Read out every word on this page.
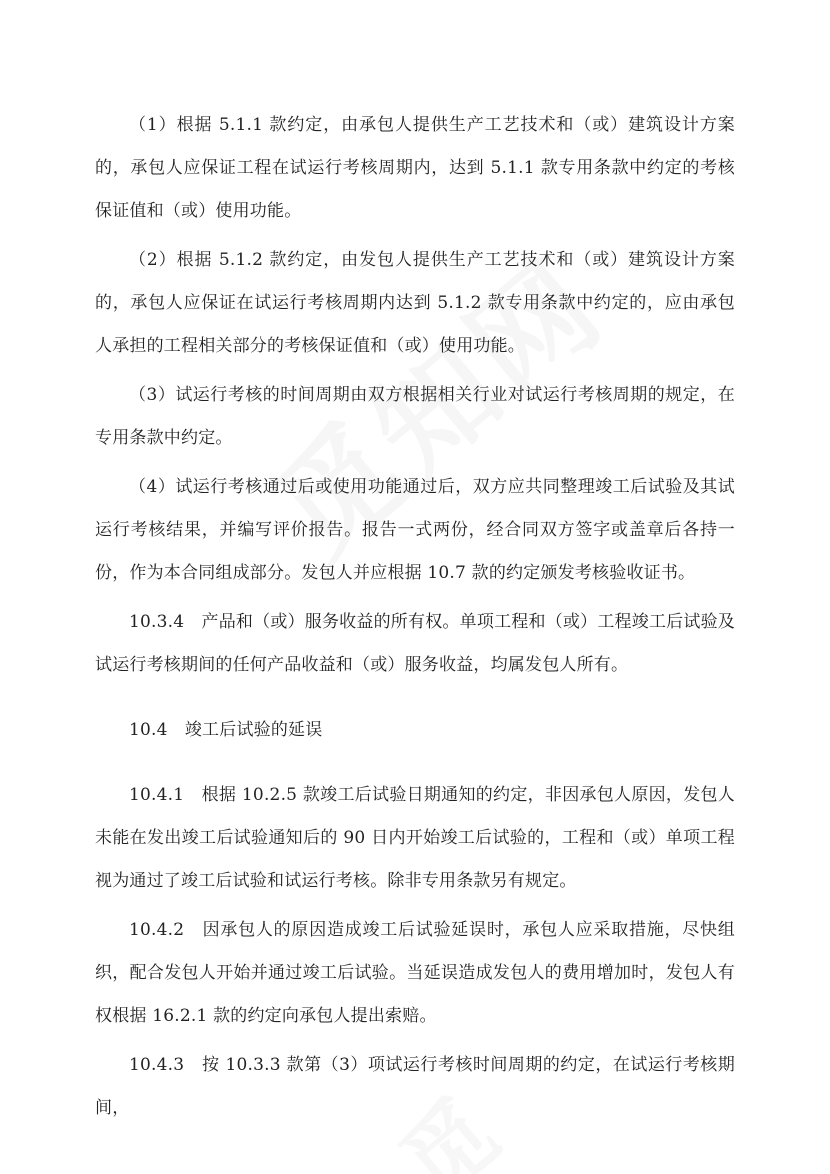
（1）根据 5.1.1 款约定，由承包人提供生产工艺技术和（或）建筑设计方案的，承包人应保证工程在试运行考核周期内，达到 5.1.1 款专用条款中约定的考核保证值和（或）使用功能。

（2）根据 5.1.2 款约定，由发包人提供生产工艺技术和（或）建筑设计方案的，承包人应保证在试运行考核周期内达到 5.1.2 款专用条款中约定的，应由承包人承担的工程相关部分的考核保证值和（或）使用功能。

（3）试运行考核的时间周期由双方根据相关行业对试运行考核周期的规定，在专用条款中约定。

（4）试运行考核通过后或使用功能通过后，双方应共同整理竣工后试验及其试运行考核结果，并编写评价报告。报告一式两份，经合同双方签字或盖章后各持一份，作为本合同组成部分。发包人并应根据 10.7 款的约定颁发考核验收证书。

10.3.4　产品和（或）服务收益的所有权。单项工程和（或）工程竣工后试验及试运行考核期间的任何产品收益和（或）服务收益，均属发包人所有。

10.4　竣工后试验的延误

10.4.1　根据 10.2.5 款竣工后试验日期通知的约定，非因承包人原因，发包人未能在发出竣工后试验通知后的 90 日内开始竣工后试验的，工程和（或）单项工程视为通过了竣工后试验和试运行考核。除非专用条款另有规定。

10.4.2　因承包人的原因造成竣工后试验延误时，承包人应采取措施，尽快组织，配合发包人开始并通过竣工后试验。当延误造成发包人的费用增加时，发包人有权根据 16.2.1 款的约定向承包人提出索赔。

10.4.3　按 10.3.3 款第（3）项试运行考核时间周期的约定，在试运行考核期间，
